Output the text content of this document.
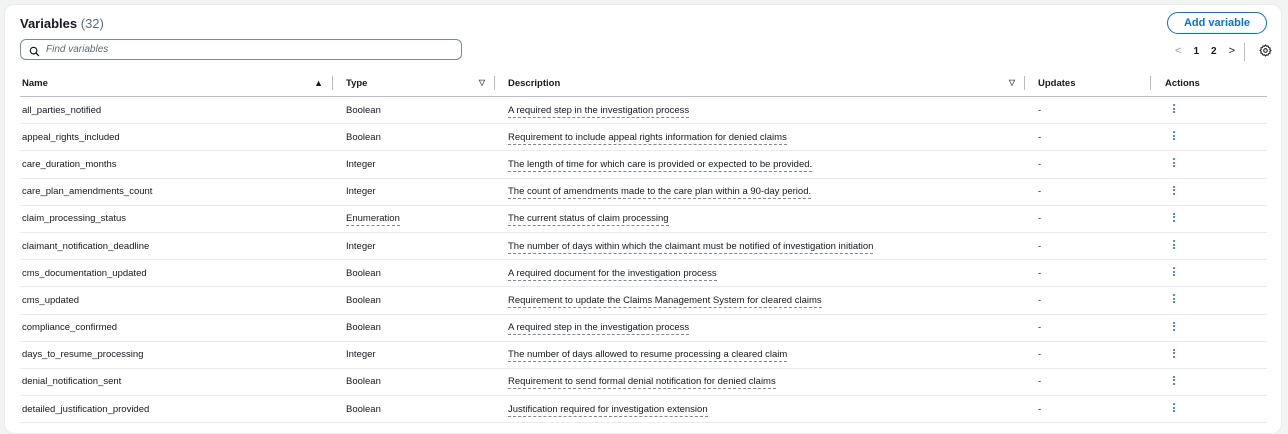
Variables (32)	Add variable
Find variables
<	1	2	>
Name ▲	Type ▽	Description ▽	Updates	Actions

all_parties_notified	Boolean	A required step in the investigation process	-	

appeal_rights_included	Boolean	Requirement to include appeal rights information for denied claims	-	

care_duration_months	Integer	The length of time for which care is provided or expected to be provided.	-	

care_plan_amendments_count	Integer	The count of amendments made to the care plan within a 90-day period.	-	

claim_processing_status	Enumeration	The current status of claim processing	-	

claimant_notification_deadline	Integer	The number of days within which the claimant must be notified of investigation initiation	-	

cms_documentation_updated	Boolean	A required document for the investigation process	-	

cms_updated	Boolean	Requirement to update the Claims Management System for cleared claims	-	

compliance_confirmed	Boolean	A required step in the investigation process	-	

days_to_resume_processing	Integer	The number of days allowed to resume processing a cleared claim	-	

denial_notification_sent	Boolean	Requirement to send formal denial notification for denied claims	-	

detailed_justification_provided	Boolean	Justification required for investigation extension	-	
